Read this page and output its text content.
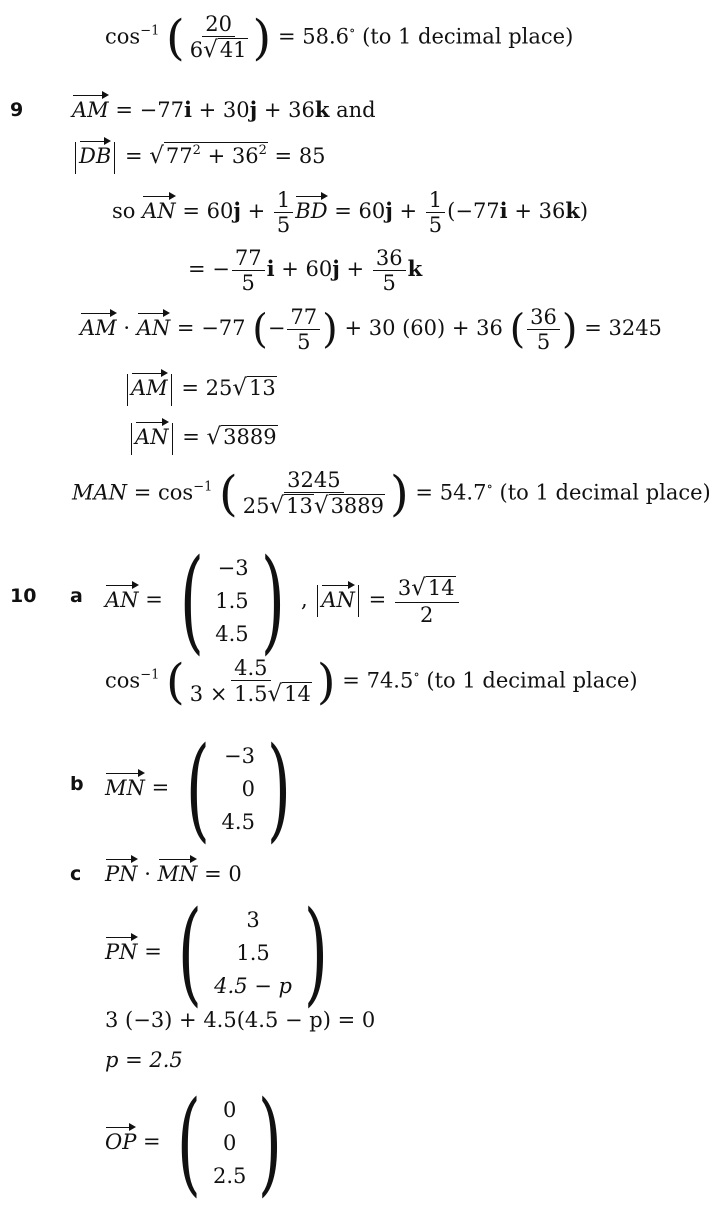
$\cos^{-1}$ ( $\frac{20}{6√41}$ ) = 58.6∘ (to 1 decimal place)
9 AM = −77i + 30j + 36k and
DB = $√77^2 + 36^2 = 85$
so AN = $60j + \frac{1}{5}$ BD = $60j + \frac{1}{5} (-77i + 36k)$
= − $\frac{77}{5}$ $i + 60j + \frac{36}{5}$ k
AM · AN = −77 (− $\frac{77}{5}$ ) + 30 (60) + 36 ( $\frac{36}{5}$ ) = 3245
AM = 25√13
AN = √3889
MAN = $\cos^{-1}$ ( $\frac{3245}{25√13√3889}$ ) = 54.7∘ (to 1 decimal place)
10 a AN = ( −3
1.5
4.5 ) , AN = $\frac{3√14}{2}$
$\cos^{-1}$ ( $\frac{4.5}{3 \times 1.5√14}$ ) = 74.5∘ (to 1 decimal place)
b MN = ( −3
0
4.5 )
c PN · MN = 0
PN = ( 3
1.5
4.5 − p )
3 (−3) + 4.5(4.5 − p) = 0
p = 2.5
OP = ( 0
0
2.5 )
